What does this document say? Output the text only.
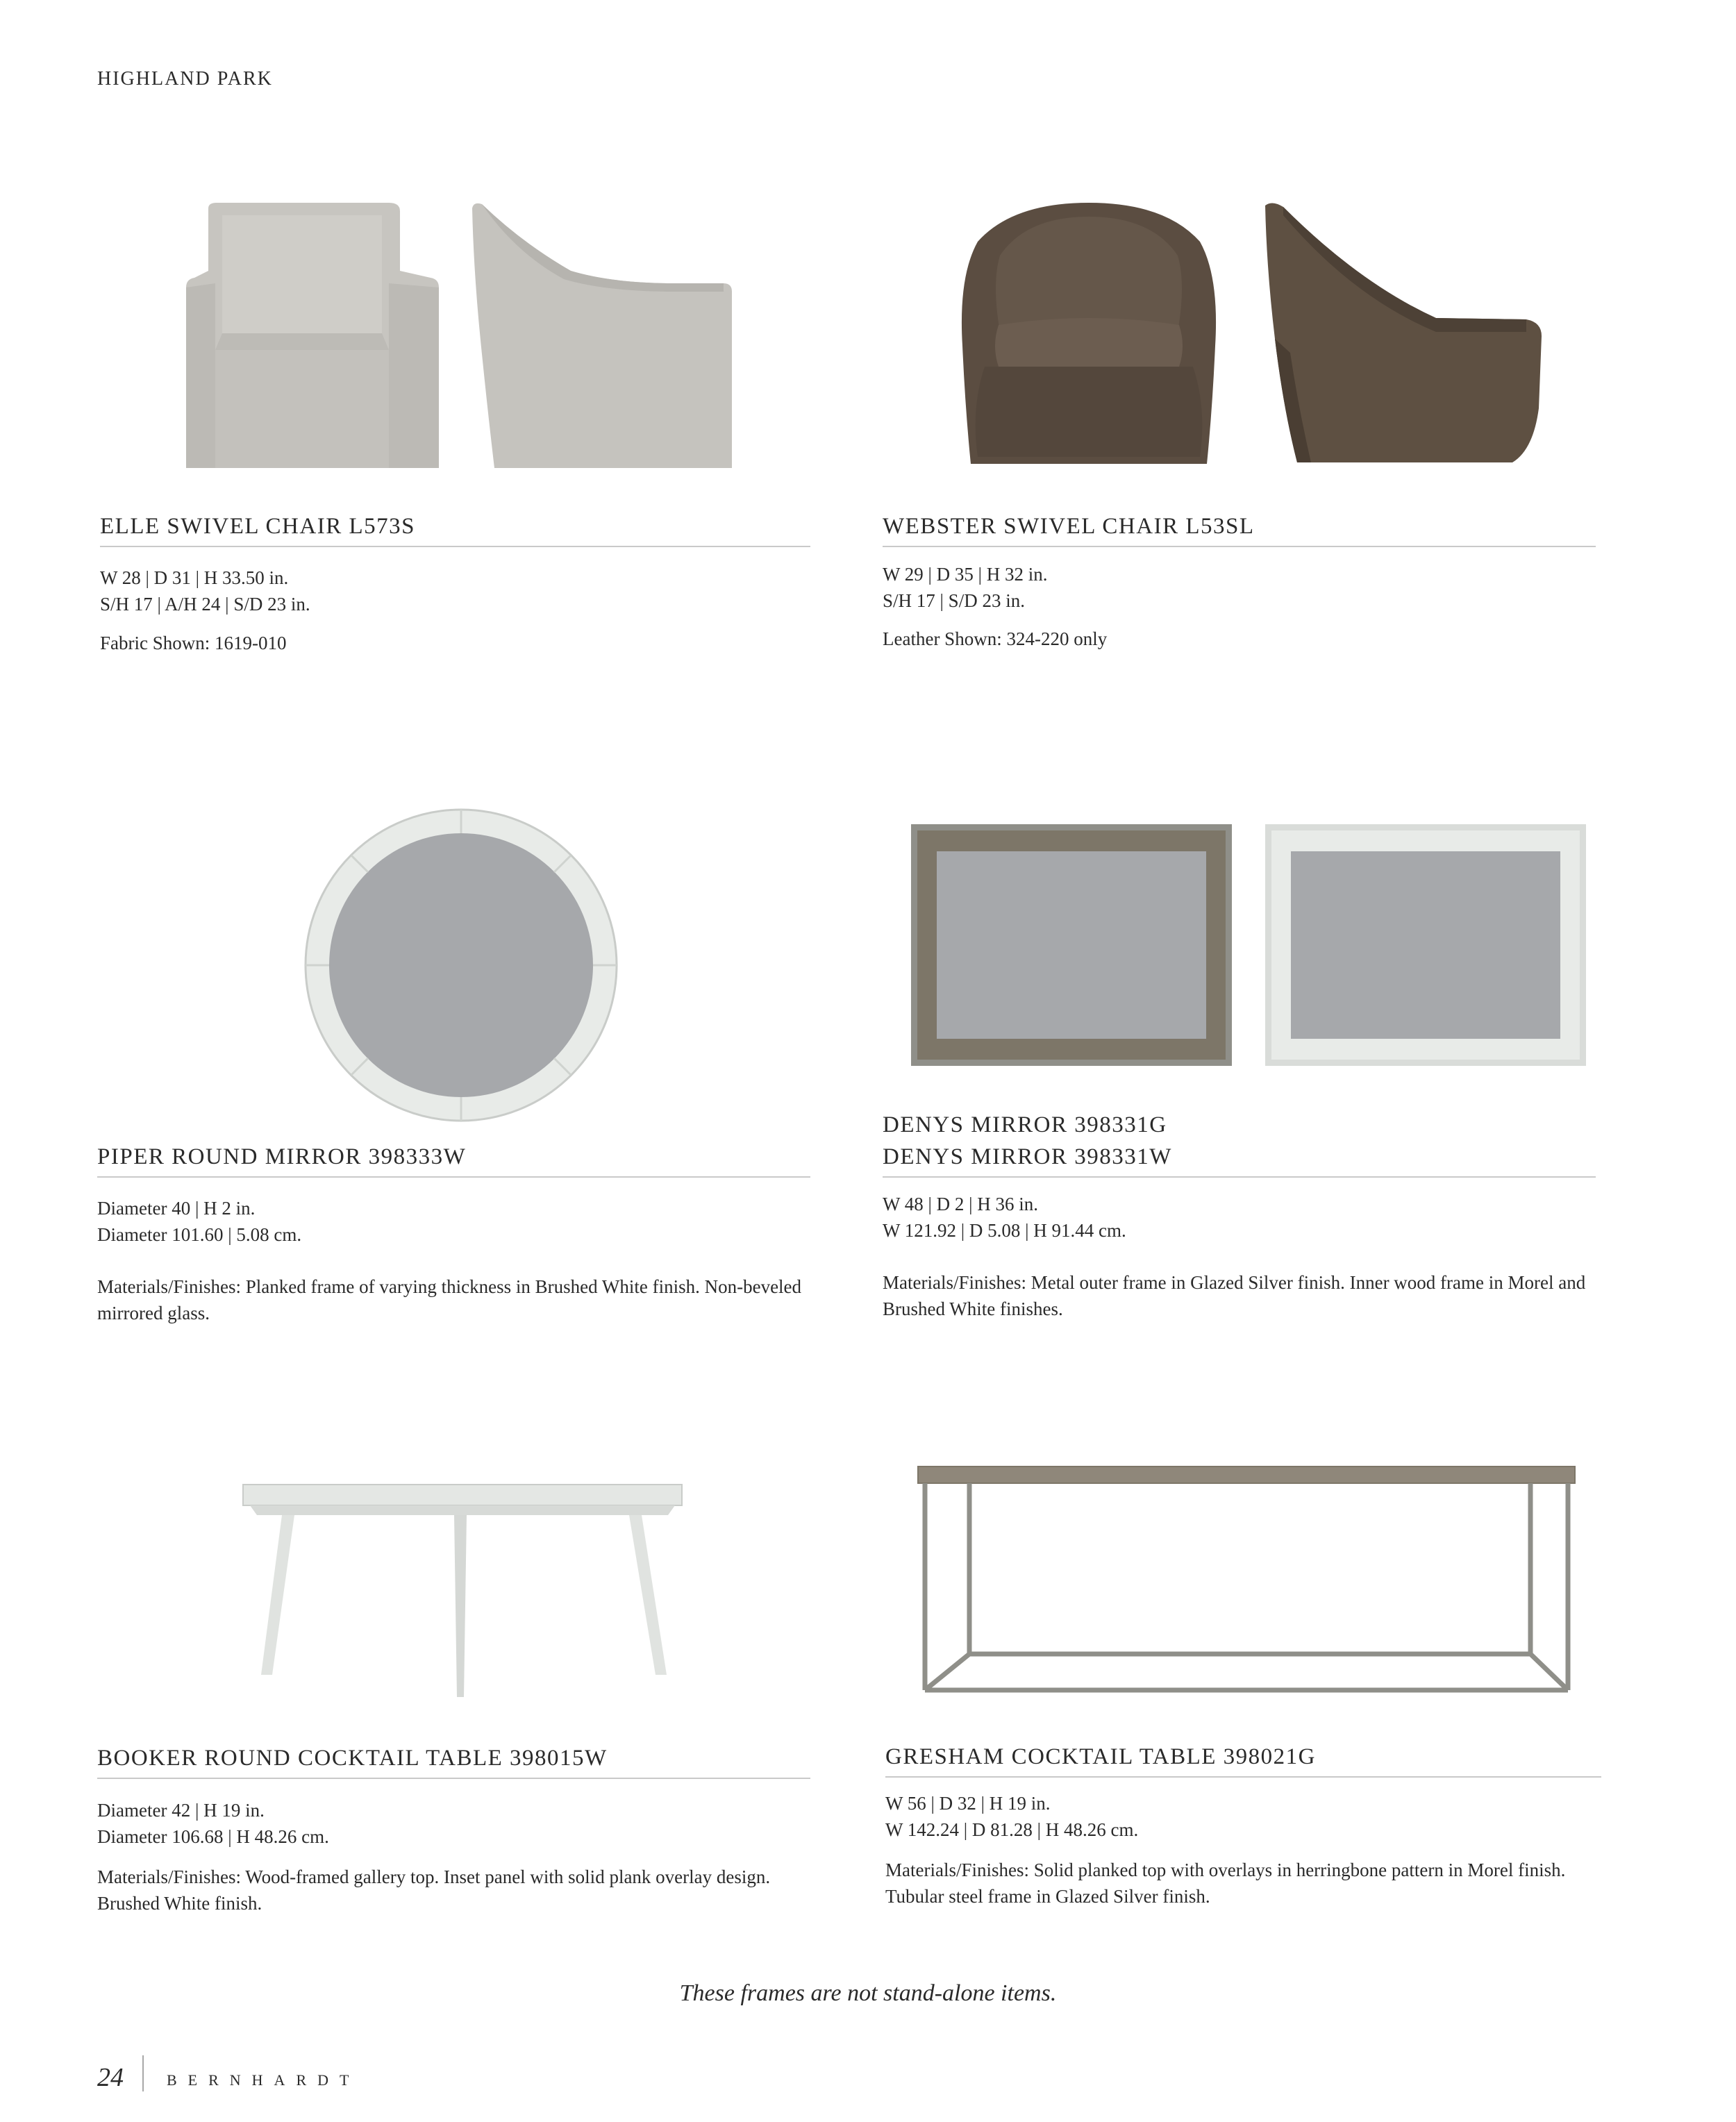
HIGHLAND PARK
ELLE SWIVEL CHAIR L573S
W 28 | D 31 | H 33.50 in.
S/H 17 | A/H 24 | S/D 23 in.
Fabric Shown: 1619-010
WEBSTER SWIVEL CHAIR L53SL
W 29 | D 35 | H 32 in.
S/H 17 | S/D 23 in.
Leather Shown: 324-220 only
PIPER ROUND MIRROR 398333W
Diameter 40 | H 2 in.
Diameter 101.60 | 5.08 cm.
Materials/Finishes: Planked frame of varying thickness in Brushed White finish. Non-beveled mirrored glass.
DENYS MIRROR 398331G
DENYS MIRROR 398331W
W 48 | D 2 | H 36 in.
W 121.92 | D 5.08 | H 91.44 cm.
Materials/Finishes: Metal outer frame in Glazed Silver finish. Inner wood frame in Morel and Brushed White finishes.
BOOKER ROUND COCKTAIL TABLE 398015W
Diameter 42 | H 19 in.
Diameter 106.68 | H 48.26 cm.
Materials/Finishes: Wood-framed gallery top. Inset panel with solid plank overlay design. Brushed White finish.
GRESHAM COCKTAIL TABLE 398021G
W 56 | D 32 | H 19 in.
W 142.24 | D 81.28 | H 48.26 cm.
Materials/Finishes: Solid planked top with overlays in herringbone pattern in Morel finish. Tubular steel frame in Glazed Silver finish.
These frames are not stand-alone items.
24	BERNHARDT
